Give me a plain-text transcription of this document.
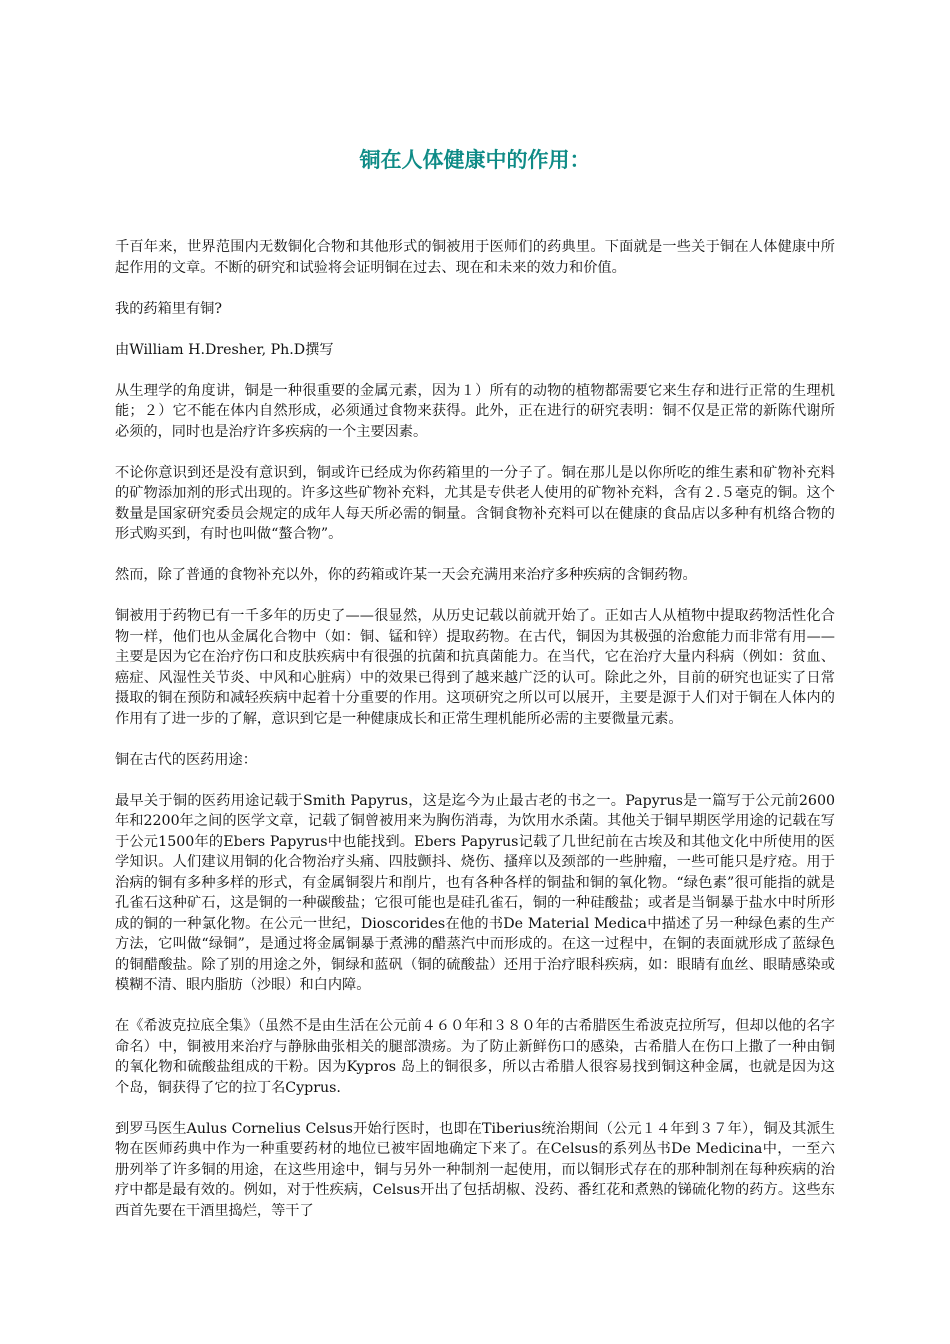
铜在人体健康中的作用：

千百年来，世界范围内无数铜化合物和其他形式的铜被用于医师们的药典里。下面就是一些关于铜在人体健康中所起作用的文章。不断的研究和试验将会证明铜在过去、现在和未来的效力和价值。

我的药箱里有铜?

由William H.Dresher, Ph.D撰写

从生理学的角度讲，铜是一种很重要的金属元素，因为１）所有的动物的植物都需要它来生存和进行正常的生理机能；２）它不能在体内自然形成，必须通过食物来获得。此外，正在进行的研究表明：铜不仅是正常的新陈代谢所必须的，同时也是治疗许多疾病的一个主要因素。

不论你意识到还是没有意识到，铜或许已经成为你药箱里的一分子了。铜在那儿是以你所吃的维生素和矿物补充料的矿物添加剂的形式出现的。许多这些矿物补充料，尤其是专供老人使用的矿物补充料，含有２.５毫克的铜。这个数量是国家研究委员会规定的成年人每天所必需的铜量。含铜食物补充料可以在健康的食品店以多种有机络合物的形式购买到，有时也叫做“螯合物”。

然而，除了普通的食物补充以外，你的药箱或许某一天会充满用来治疗多种疾病的含铜药物。

铜被用于药物已有一千多年的历史了——很显然，从历史记载以前就开始了。正如古人从植物中提取药物活性化合物一样，他们也从金属化合物中（如：铜、锰和锌）提取药物。在古代，铜因为其极强的治愈能力而非常有用——主要是因为它在治疗伤口和皮肤疾病中有很强的抗菌和抗真菌能力。在当代，它在治疗大量内科病（例如：贫血、癌症、风湿性关节炎、中风和心脏病）中的效果已得到了越来越广泛的认可。除此之外，目前的研究也证实了日常摄取的铜在预防和减轻疾病中起着十分重要的作用。这项研究之所以可以展开，主要是源于人们对于铜在人体内的作用有了进一步的了解，意识到它是一种健康成长和正常生理机能所必需的主要微量元素。

铜在古代的医药用途：

最早关于铜的医药用途记载于Smith Papyrus，这是迄今为止最古老的书之一。Papyrus是一篇写于公元前2600年和2200年之间的医学文章，记载了铜曾被用来为胸伤消毒，为饮用水杀菌。其他关于铜早期医学用途的记载在写于公元1500年的Ebers Papyrus中也能找到。Ebers Papyrus记载了几世纪前在古埃及和其他文化中所使用的医学知识。人们建议用铜的化合物治疗头痛、四肢颤抖、烧伤、搔痒以及颈部的一些肿瘤，一些可能只是疗疮。用于治病的铜有多种多样的形式，有金属铜裂片和削片，也有各种各样的铜盐和铜的氧化物。“绿色素”很可能指的就是孔雀石这种矿石，这是铜的一种碳酸盐；它很可能也是硅孔雀石，铜的一种硅酸盐；或者是当铜暴于盐水中时所形成的铜的一种氯化物。在公元一世纪，Dioscorides在他的书De Material Medica中描述了另一种绿色素的生产方法，它叫做“绿铜”，是通过将金属铜暴于煮沸的醋蒸汽中而形成的。在这一过程中，在铜的表面就形成了蓝绿色的铜醋酸盐。除了别的用途之外，铜绿和蓝矾（铜的硫酸盐）还用于治疗眼科疾病，如：眼睛有血丝、眼睛感染或模糊不清、眼内脂肪（沙眼）和白内障。

在《希波克拉底全集》（虽然不是由生活在公元前４６０年和３８０年的古希腊医生希波克拉所写，但却以他的名字命名）中，铜被用来治疗与静脉曲张相关的腿部溃疡。为了防止新鲜伤口的感染，古希腊人在伤口上撒了一种由铜的氧化物和硫酸盐组成的干粉。因为Kypros 岛上的铜很多，所以古希腊人很容易找到铜这种金属，也就是因为这个岛，铜获得了它的拉丁名Cyprus.

到罗马医生Aulus Cornelius Celsus开始行医时，也即在Tiberius统治期间（公元１４年到３７年），铜及其派生物在医师药典中作为一种重要药材的地位已被牢固地确定下来了。在Celsus的系列丛书De Medicina中，一至六册列举了许多铜的用途，在这些用途中，铜与另外一种制剂一起使用，而以铜形式存在的那种制剂在每种疾病的治疗中都是最有效的。例如，对于性疾病，Celsus开出了包括胡椒、没药、番红花和煮熟的锑硫化物的药方。这些东西首先要在干酒里捣烂，等干了
